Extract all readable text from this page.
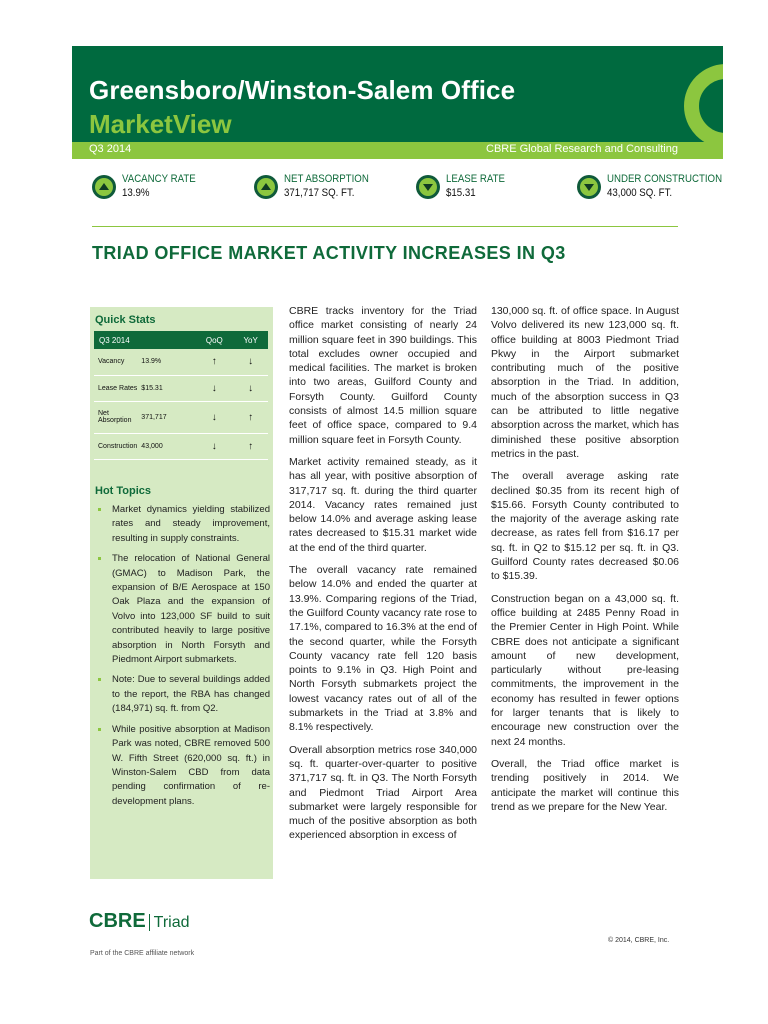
Greensboro/Winston-Salem Office
MarketView
Q3 2014	CBRE Global Research and Consulting
VACANCY RATE
13.9%
NET ABSORPTION
371,717 SQ. FT.
LEASE RATE
$15.31
UNDER CONSTRUCTION
43,000 SQ. FT.
TRIAD OFFICE MARKET ACTIVITY INCREASES IN Q3
Quick Stats
Q3 2014		QoQ	YoY
Vacancy	13.9%	↑	↓
Lease Rates	$15.31	↓	↓
Net Absorption	371,717	↓	↑
Construction	43,000	↓	↑
Hot Topics
Market dynamics yielding stabilized rates and steady improvement, resulting in supply constraints.
The relocation of National General (GMAC) to Madison Park, the expansion of B/E Aerospace at 150 Oak Plaza and the expansion of Volvo into 123,000 SF build to suit contributed heavily to large positive absorption in North Forsyth and Piedmont Airport submarkets.
Note: Due to several buildings added to the report, the RBA has changed (184,971) sq. ft. from Q2.
While positive absorption at Madison Park was noted, CBRE removed 500 W. Fifth Street (620,000 sq. ft.) in Winston-Salem CBD from data pending confirmation of re-development plans.

CBRE tracks inventory for the Triad office market consisting of nearly 24 million square feet in 390 buildings. This total excludes owner occupied and medical facilities. The market is broken into two areas, Guilford County and Forsyth County. Guilford County consists of almost 14.5 million square feet of office space, compared to 9.4 million square feet in Forsyth County.

Market activity remained steady, as it has all year, with positive absorption of 317,717 sq. ft. during the third quarter 2014. Vacancy rates remained just below 14.0% and average asking lease rates decreased to $15.31 market wide at the end of the third quarter.

The overall vacancy rate remained below 14.0% and ended the quarter at 13.9%. Comparing regions of the Triad, the Guilford County vacancy rate rose to 17.1%, compared to 16.3% at the end of the second quarter, while the Forsyth County vacancy rate fell 120 basis points to 9.1% in Q3. High Point and North Forsyth submarkets project the lowest vacancy rates out of all of the submarkets in the Triad at 3.8% and 8.1% respectively.

Overall absorption metrics rose 340,000 sq. ft. quarter-over-quarter to positive 371,717 sq. ft. in Q3. The North Forsyth and Piedmont Triad Airport Area submarket were largely responsible for much of the positive absorption as both experienced absorption in excess of

130,000 sq. ft. of office space. In August Volvo delivered its new 123,000 sq. ft. office building at 8003 Piedmont Triad Pkwy in the Airport submarket contributing much of the positive absorption in the Triad. In addition, much of the absorption success in Q3 can be attributed to little negative absorption across the market, which has diminished these positive absorption metrics in the past.

The overall average asking rate declined $0.35 from its recent high of $15.66. Forsyth County contributed to the majority of the average asking rate decrease, as rates fell from $16.17 per sq. ft. in Q2 to $15.12 per sq. ft. in Q3. Guilford County rates decreased $0.06 to $15.39.

Construction began on a 43,000 sq. ft. office building at 2485 Penny Road in the Premier Center in High Point. While CBRE does not anticipate a significant amount of new development, particularly without pre-leasing commitments, the improvement in the economy has resulted in fewer options for larger tenants that is likely to encourage new construction over the next 24 months.

Overall, the Triad office market is trending positively in 2014. We anticipate the market will continue this trend as we prepare for the New Year.

CBRE Triad
Part of the CBRE affiliate network
© 2014, CBRE, Inc.
